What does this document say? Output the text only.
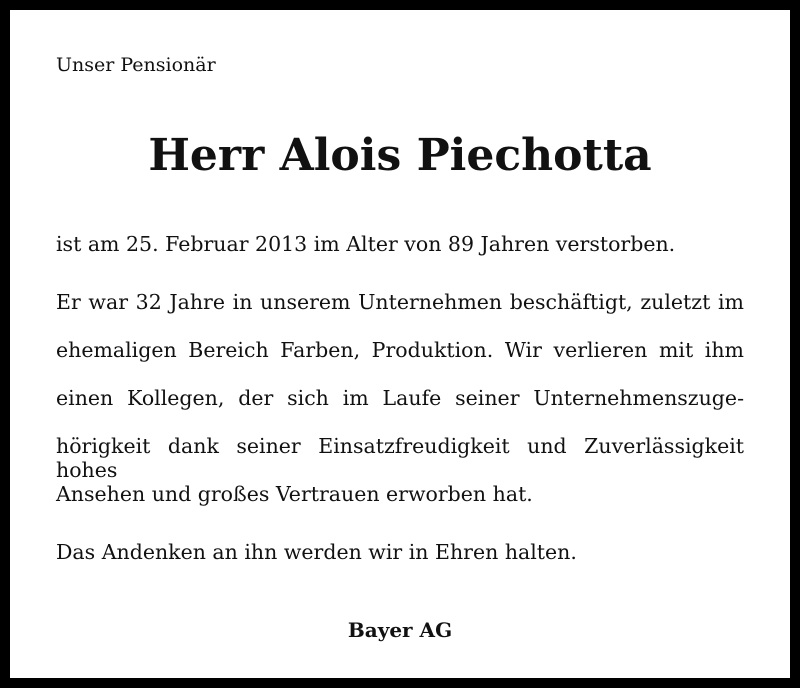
Unser Pensionär
Herr Alois Piechotta
ist am 25. Februar 2013 im Alter von 89 Jahren verstorben.
Er war 32 Jahre in unserem Unternehmen beschäftigt, zuletzt im
ehemaligen Bereich Farben, Produktion. Wir verlieren mit ihm
einen Kollegen, der sich im Laufe seiner Unternehmenszuge-
hörigkeit dank seiner Einsatzfreudigkeit und Zuverlässigkeit hohes
Ansehen und großes Vertrauen erworben hat.
Das Andenken an ihn werden wir in Ehren halten.
Bayer AG
